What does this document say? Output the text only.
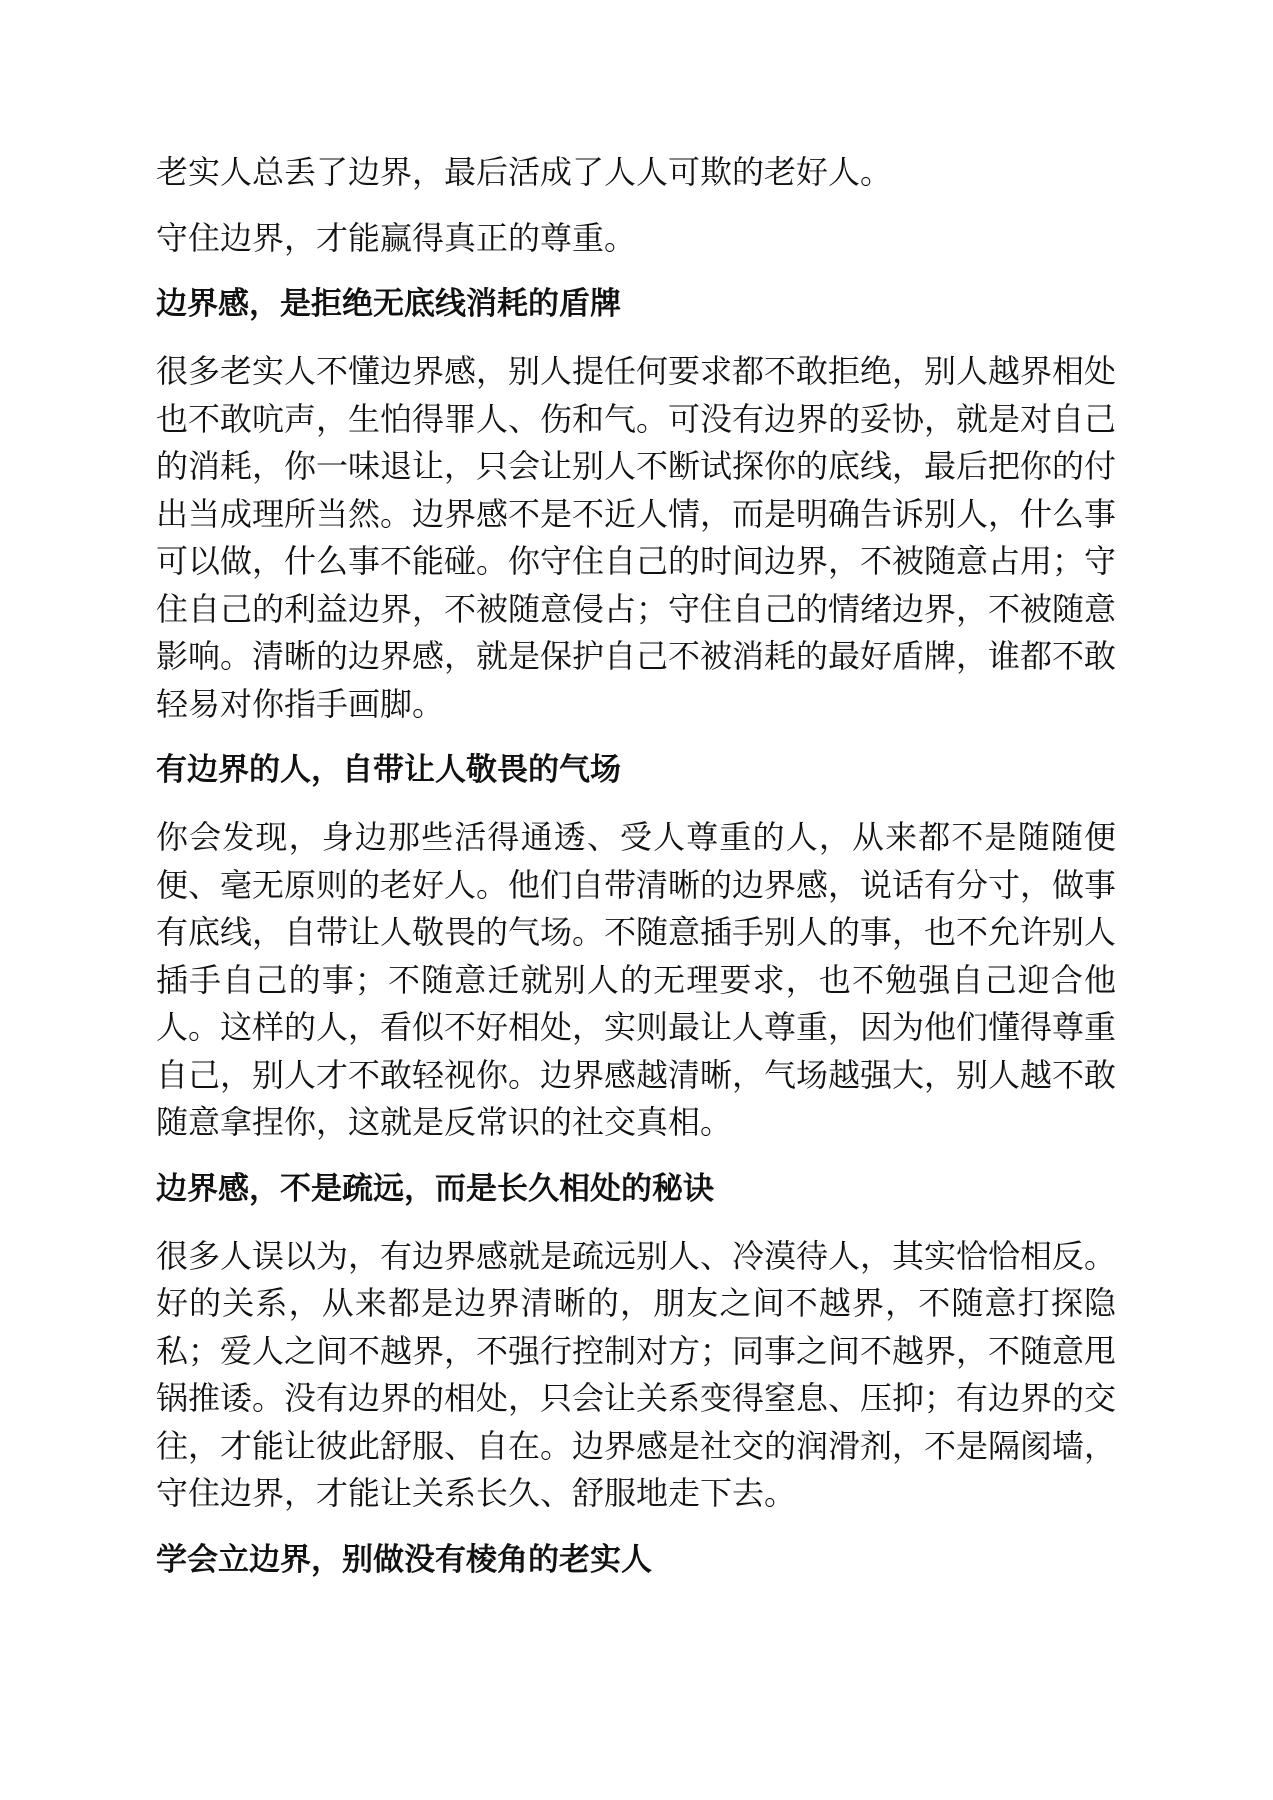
老实人总丢了边界，最后活成了人人可欺的老好人。

守住边界，才能赢得真正的尊重。

边界感，是拒绝无底线消耗的盾牌

很多老实人不懂边界感，别人提任何要求都不敢拒绝，别人越界相处也不敢吭声，生怕得罪人、伤和气。可没有边界的妥协，就是对自己的消耗，你一味退让，只会让别人不断试探你的底线，最后把你的付出当成理所当然。边界感不是不近人情，而是明确告诉别人，什么事可以做，什么事不能碰。你守住自己的时间边界，不被随意占用；守住自己的利益边界，不被随意侵占；守住自己的情绪边界，不被随意影响。清晰的边界感，就是保护自己不被消耗的最好盾牌，谁都不敢轻易对你指手画脚。

有边界的人，自带让人敬畏的气场

你会发现，身边那些活得通透、受人尊重的人，从来都不是随随便便、毫无原则的老好人。他们自带清晰的边界感，说话有分寸，做事有底线，自带让人敬畏的气场。不随意插手别人的事，也不允许别人插手自己的事；不随意迁就别人的无理要求，也不勉强自己迎合他人。这样的人，看似不好相处，实则最让人尊重，因为他们懂得尊重自己，别人才不敢轻视你。边界感越清晰，气场越强大，别人越不敢随意拿捏你，这就是反常识的社交真相。

边界感，不是疏远，而是长久相处的秘诀

很多人误以为，有边界感就是疏远别人、冷漠待人，其实恰恰相反。好的关系，从来都是边界清晰的，朋友之间不越界，不随意打探隐私；爱人之间不越界，不强行控制对方；同事之间不越界，不随意甩锅推诿。没有边界的相处，只会让关系变得窒息、压抑；有边界的交往，才能让彼此舒服、自在。边界感是社交的润滑剂，不是隔阂墙，守住边界，才能让关系长久、舒服地走下去。

学会立边界，别做没有棱角的老实人
